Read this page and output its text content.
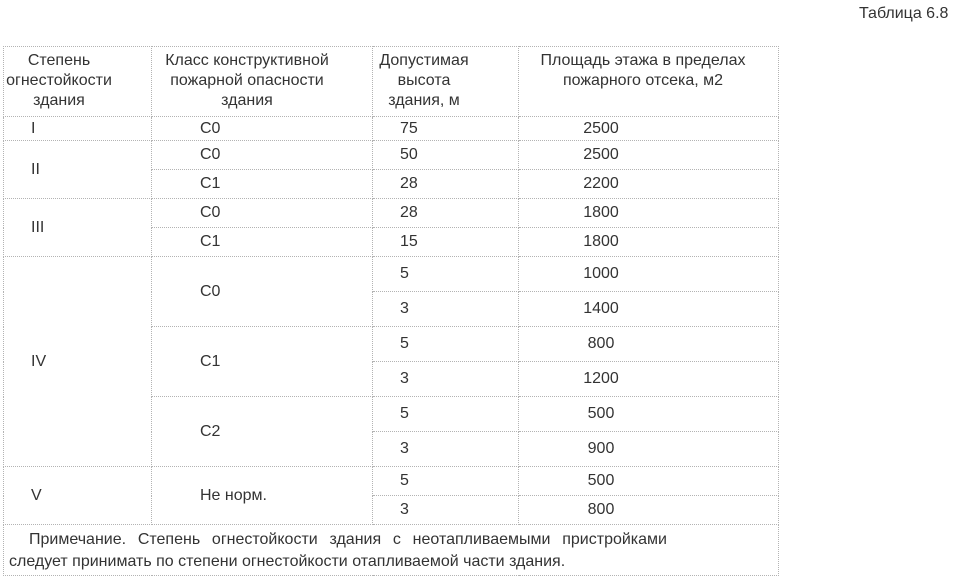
Таблица 6.8
Степень огнестойкости здания	Класс конструктивной пожарной опасности здания	Допустимая высота здания, м	Площадь этажа в пределах пожарного отсека, м2

I	С0	75	2500
II	С0	50	2500
	С1	28	2200
III	С0	28	1800
	С1	15	1800
IV	С0	5	1000
		3	1400
	С1	5	800
		3	1200
	С2	5	500
		3	900
V	Не норм.	5	500
		3	800

Примечание. Степень огнестойкости здания с неотапливаемыми пристройками следует принимать по степени огнестойкости отапливаемой части здания.			
